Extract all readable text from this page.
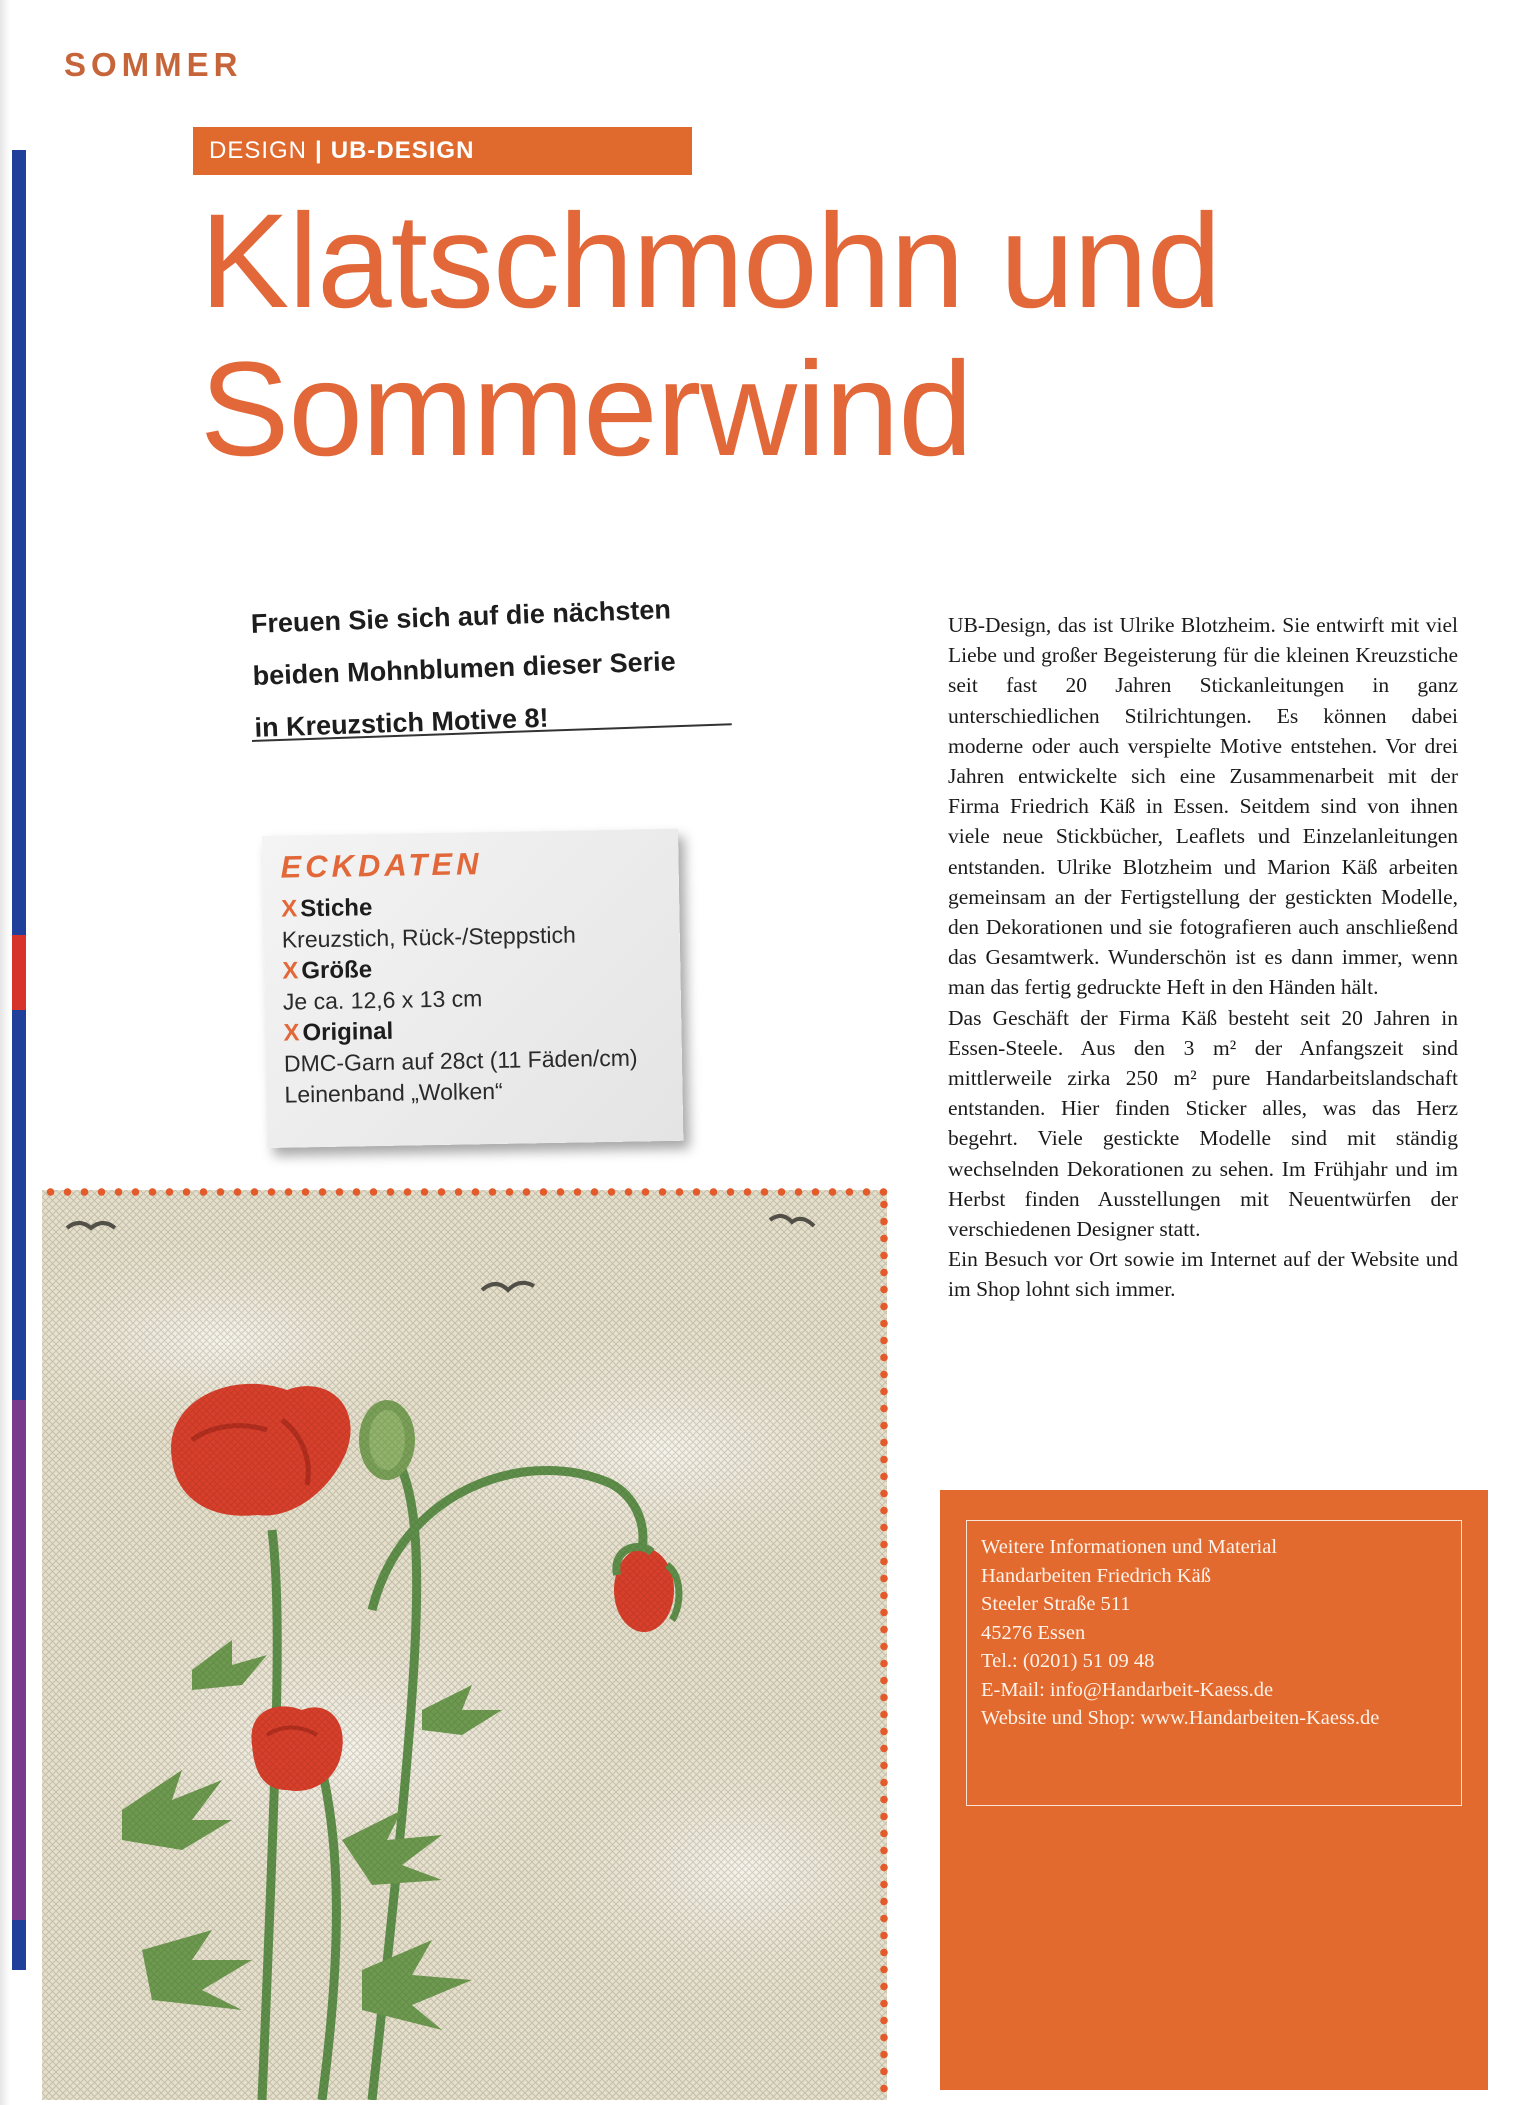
SOMMER
DESIGN | UB-DESIGN
Klatschmohn und
Sommerwind

Freuen Sie sich auf die nächsten
beiden Mohnblumen dieser Serie
in Kreuzstich Motive 8!

ECKDATEN
X Stiche
Kreuzstich, Rück-/Steppstich
X Größe
Je ca. 12,6 x 13 cm
X Original
DMC-Garn auf 28ct (11 Fäden/cm)
Leinenband „Wolken“

UB-Design, das ist Ulrike Blotzheim. Sie entwirft mit viel Liebe und großer Begeisterung für die kleinen Kreuzstiche seit fast 20 Jahren Stickanleitungen in ganz unterschiedlichen Stilrichtungen. Es können dabei moderne oder auch verspielte Motive entstehen. Vor drei Jahren entwickelte sich eine Zusammenarbeit mit der Firma Friedrich Käß in Essen. Seitdem sind von ihnen viele neue Stickbücher, Leaflets und Einzelanleitungen entstanden. Ulrike Blotzheim und Marion Käß arbeiten gemeinsam an der Fertigstellung der gestickten Modelle, den Dekorationen und sie fotografieren auch anschließend das Gesamtwerk. Wunderschön ist es dann immer, wenn man das fertig gedruckte Heft in den Händen hält.

Das Geschäft der Firma Käß besteht seit 20 Jahren in Essen-Steele. Aus den 3 m² der Anfangszeit sind mittlerweile zirka 250 m² pure Handarbeitslandschaft entstanden. Hier finden Sticker alles, was das Herz begehrt. Viele gestickte Modelle sind mit ständig wechselnden Dekorationen zu sehen. Im Frühjahr und im Herbst finden Ausstellungen mit Neuentwürfen der verschiedenen Designer statt.

Ein Besuch vor Ort sowie im Internet auf der Website und im Shop lohnt sich immer.

Weitere Informationen und Material
Handarbeiten Friedrich Käß
Steeler Straße 511
45276 Essen
Tel.: (0201) 51 09 48
E-Mail: info@Handarbeit-Kaess.de
Website und Shop: www.Handarbeiten-Kaess.de
